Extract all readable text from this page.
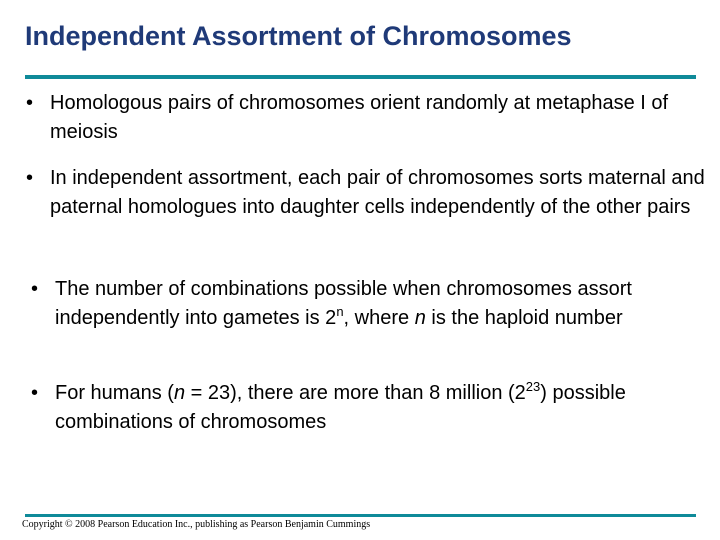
Independent Assortment of Chromosomes
• Homologous pairs of chromosomes orient randomly at metaphase I of meiosis
• In independent assortment, each pair of chromosomes sorts maternal and paternal homologues into daughter cells independently of the other pairs
• The number of combinations possible when chromosomes assort independently into gametes is 2$^n$, where n is the haploid number
• For humans (n = 23), there are more than 8 million $(2^{23})$ possible combinations of chromosomes
Copyright © 2008 Pearson Education Inc., publishing as Pearson Benjamin Cummings
